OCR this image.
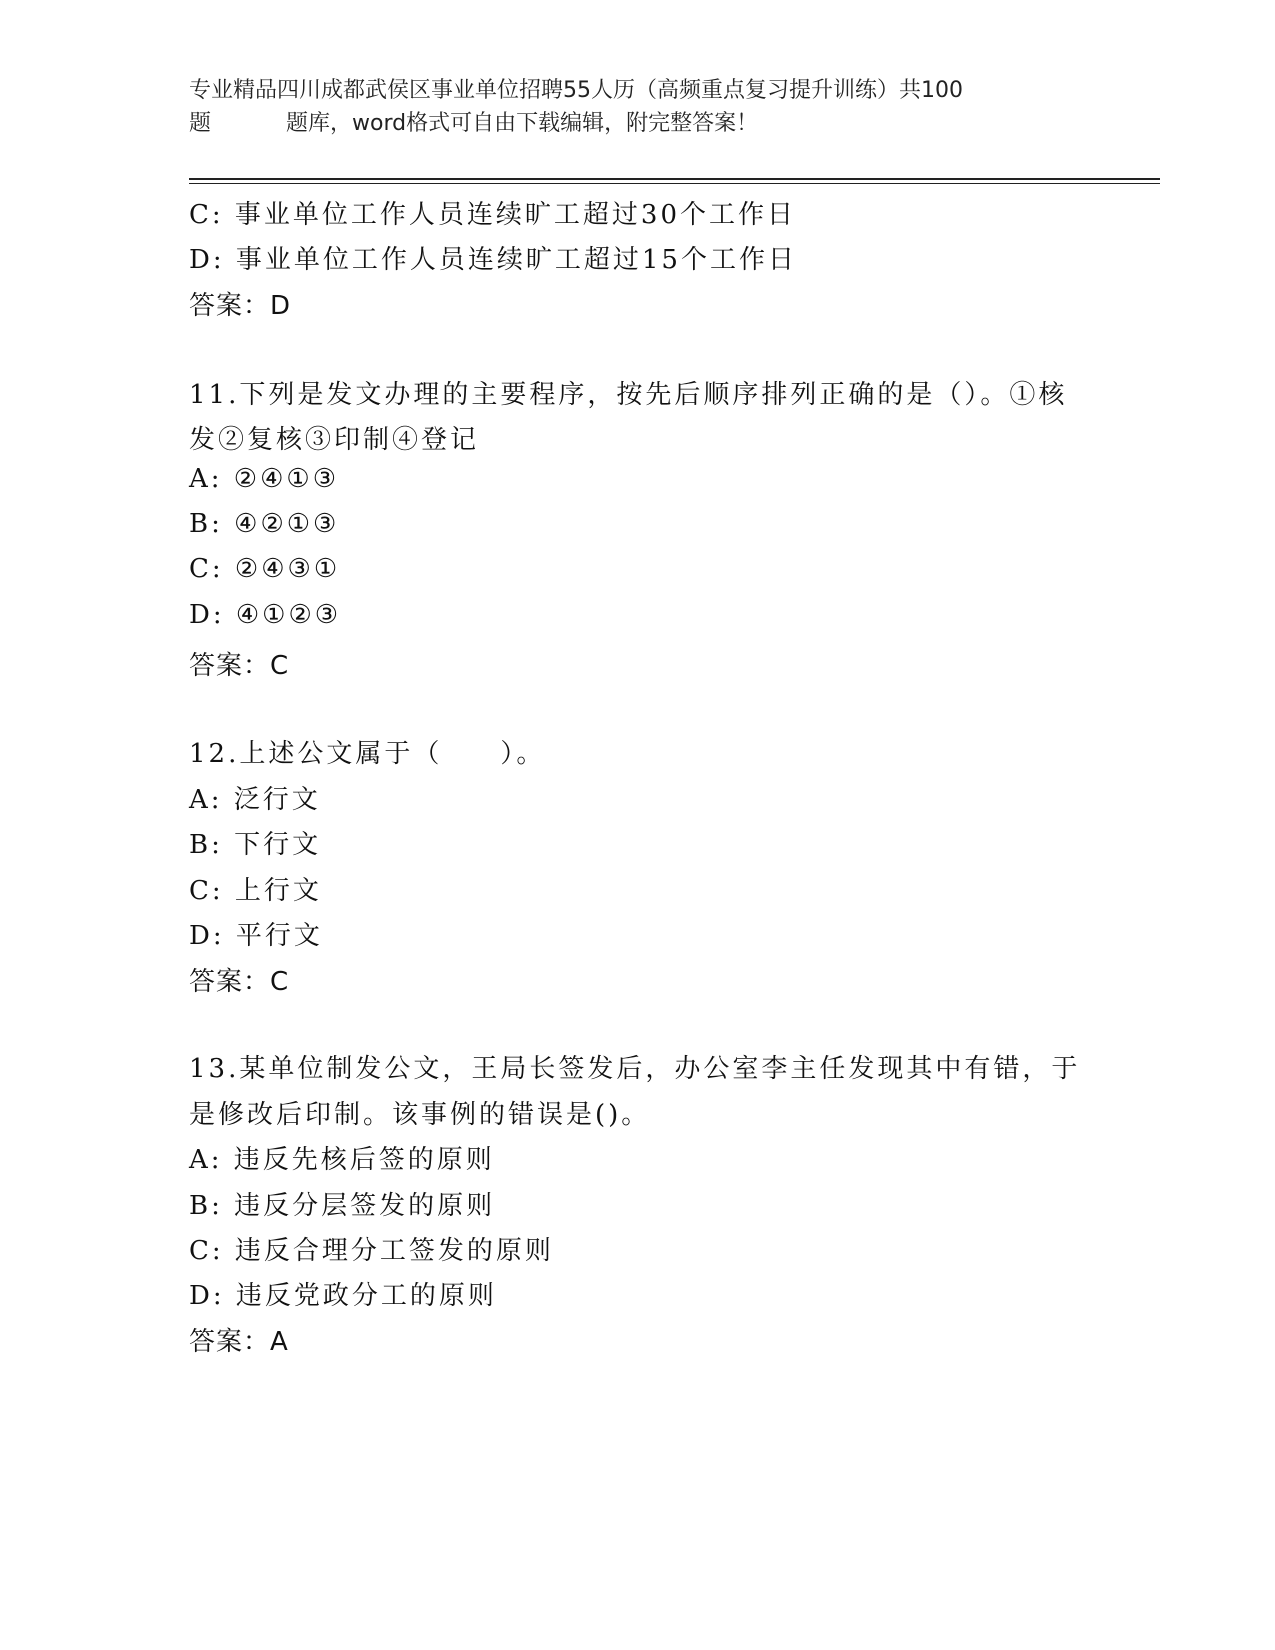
专业精品四川成都武侯区事业单位招聘55人历（高频重点复习提升训练）共100
题	题库，word格式可自由下载编辑，附完整答案！
C: 事业单位工作人员连续旷工超过30个工作日
D: 事业单位工作人员连续旷工超过15个工作日
答案：D
11.下列是发文办理的主要程序，按先后顺序排列正确的是（）。①核
发②复核③印制④登记
A: ②④①③
B: ④②①③
C: ②④③①
D: ④①②③
答案：C
12.上述公文属于（　　）。
A: 泛行文
B: 下行文
C: 上行文
D: 平行文
答案：C
13.某单位制发公文，王局长签发后，办公室李主任发现其中有错，于
是修改后印制。该事例的错误是()。
A: 违反先核后签的原则
B: 违反分层签发的原则
C: 违反合理分工签发的原则
D: 违反党政分工的原则
答案：A
